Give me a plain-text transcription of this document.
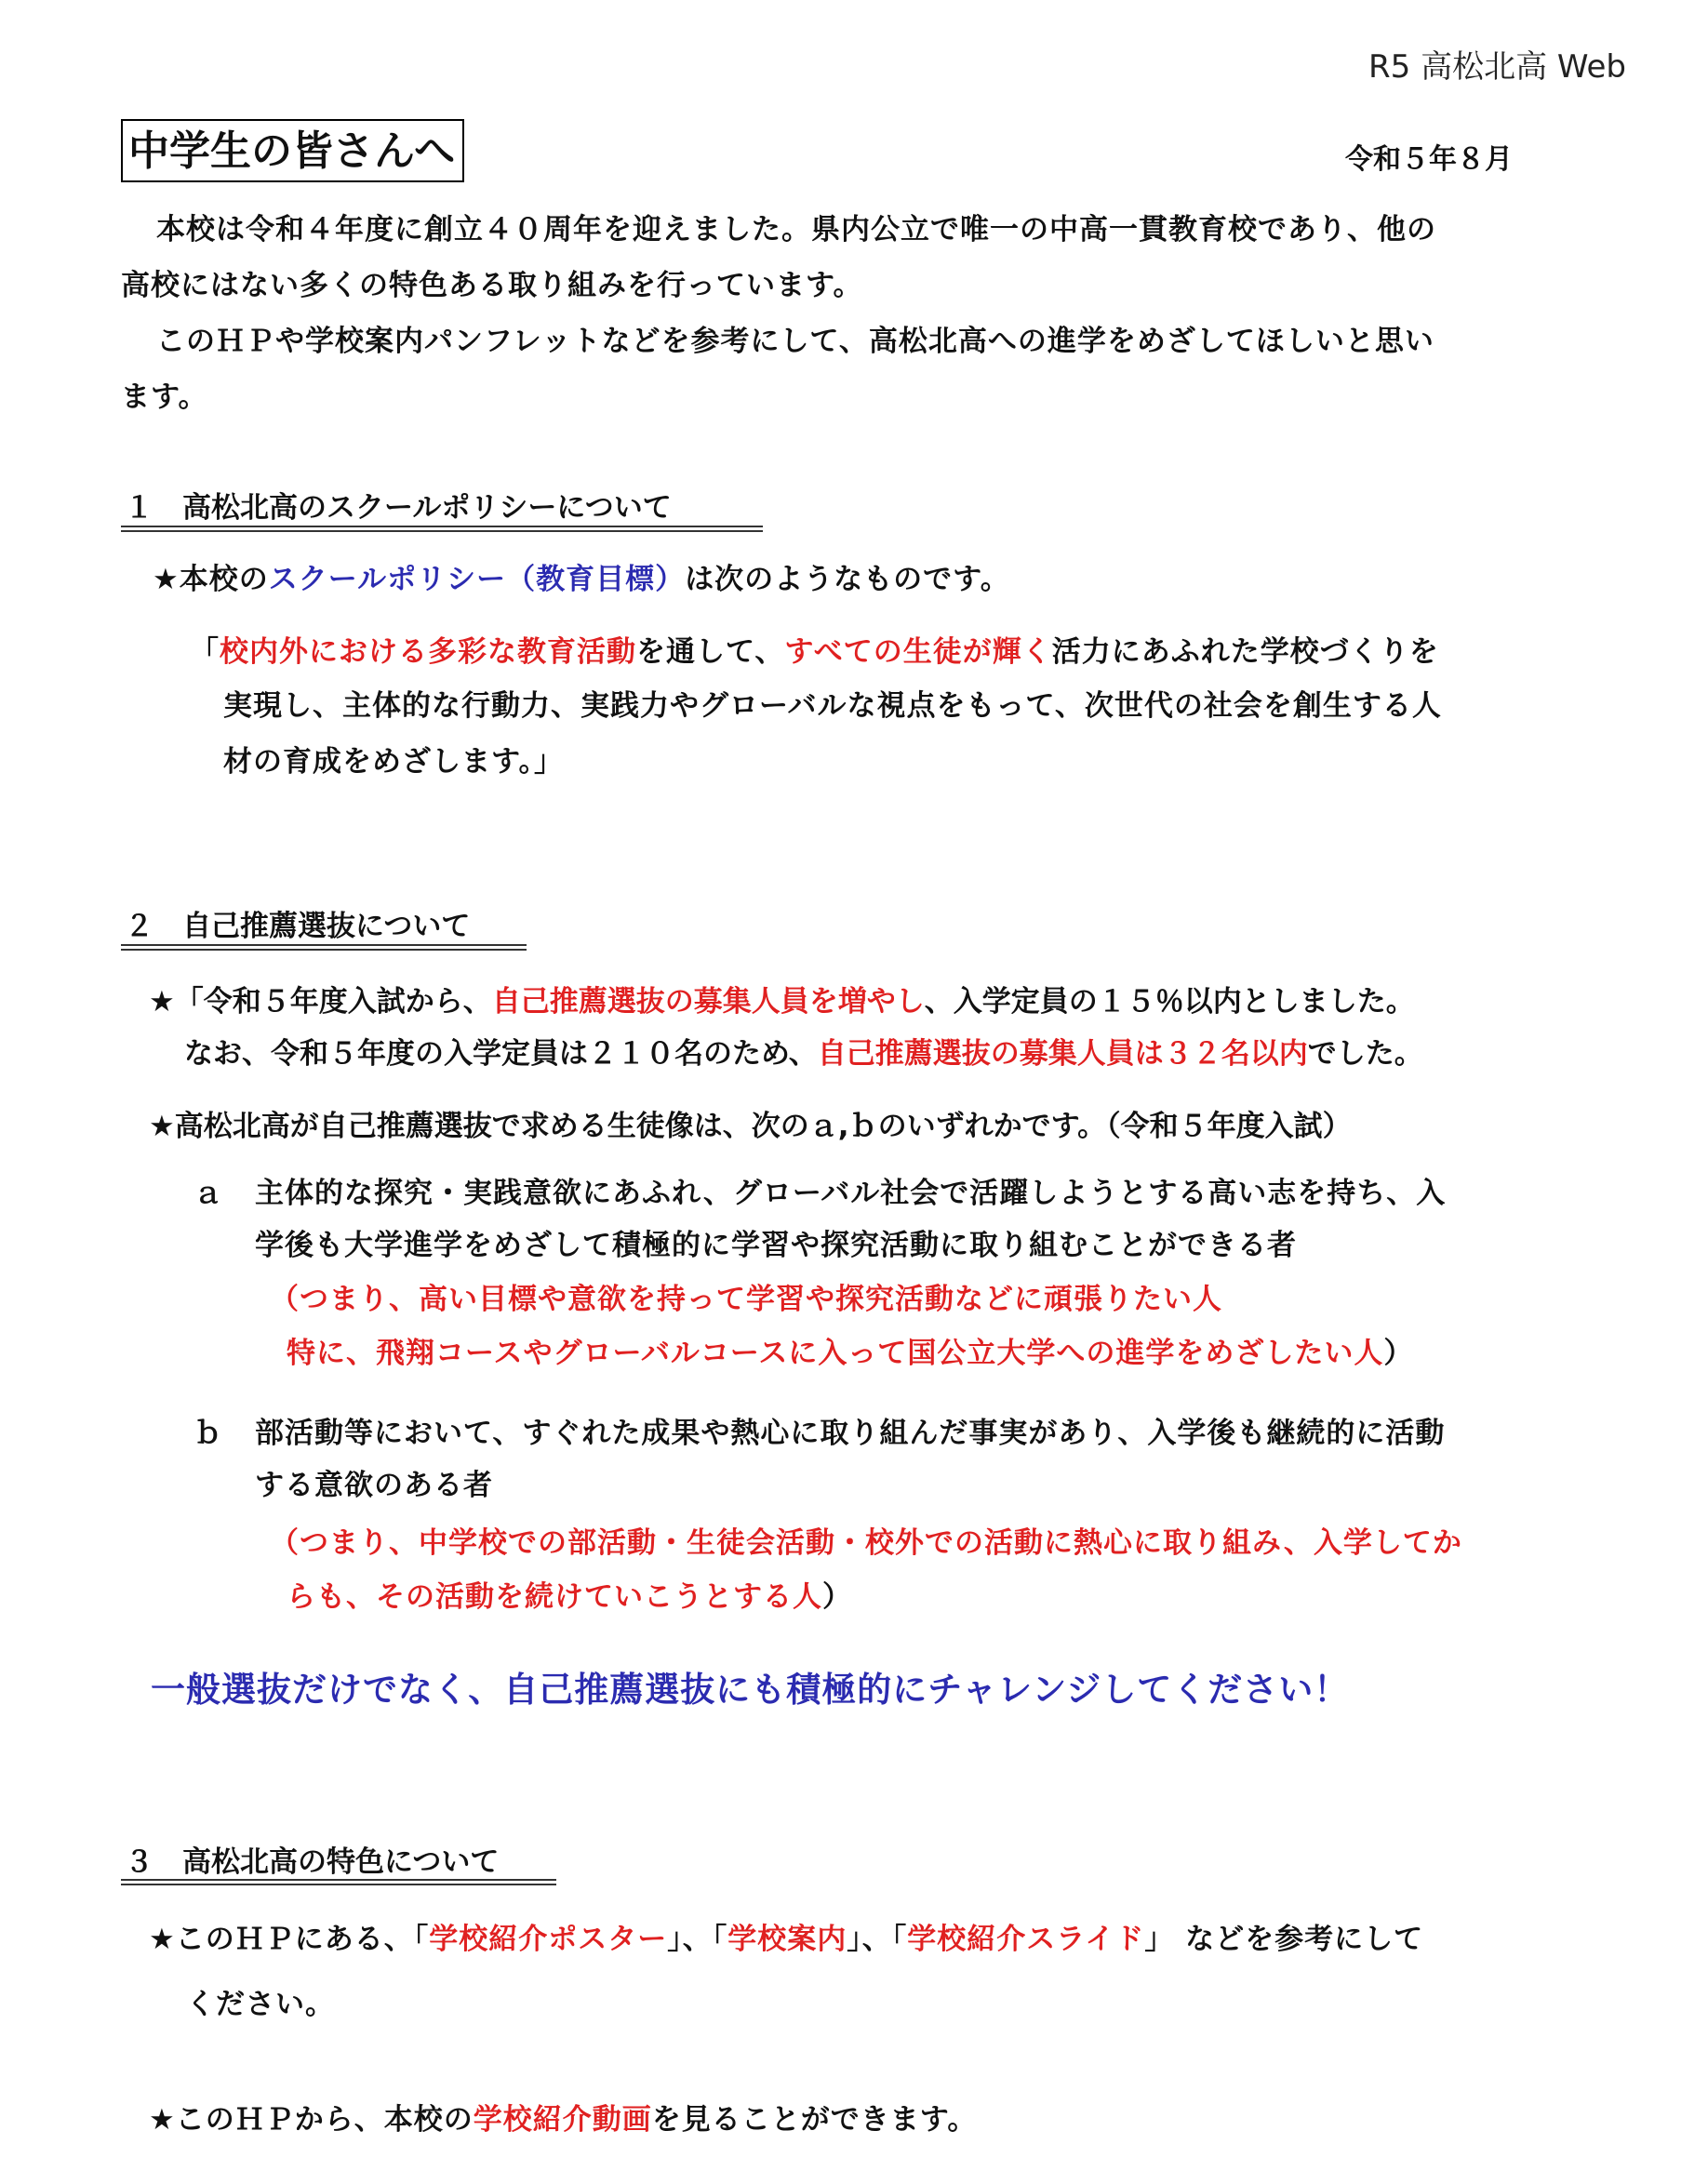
R5 高松北高 Web
中学生の皆さんへ	令和５年８月
本校は令和４年度に創立４０周年を迎えました。県内公立で唯一の中高一貫教育校であり、他の
高校にはない多くの特色ある取り組みを行っています。
このＨＰや学校案内パンフレットなどを参考にして、高松北高への進学をめざしてほしいと思い
ます。
１　高松北高のスクールポリシーについて
★本校のスクールポリシー（教育目標）は次のようなものです。
「校内外における多彩な教育活動を通して、すべての生徒が輝く活力にあふれた学校づくりを
実現し、主体的な行動力、実践力やグローバルな視点をもって、次世代の社会を創生する人
材の育成をめざします。」
２　自己推薦選抜について
★「令和５年度入試から、自己推薦選抜の募集人員を増やし、入学定員の１５％以内としました。
なお、令和５年度の入学定員は２１０名のため、自己推薦選抜の募集人員は３２名以内でした。
★高松北高が自己推薦選抜で求める生徒像は、次のａ,ｂのいずれかです。（令和５年度入試）
ａ 主体的な探究・実践意欲にあふれ、グローバル社会で活躍しようとする高い志を持ち、入
学後も大学進学をめざして積極的に学習や探究活動に取り組むことができる者
（つまり、高い目標や意欲を持って学習や探究活動などに頑張りたい人
特に、飛翔コースやグローバルコースに入って国公立大学への進学をめざしたい人）
ｂ 部活動等において、すぐれた成果や熱心に取り組んだ事実があり、入学後も継続的に活動
する意欲のある者
（つまり、中学校での部活動・生徒会活動・校外での活動に熱心に取り組み、入学してか
らも、その活動を続けていこうとする人）
一般選抜だけでなく、自己推薦選抜にも積極的にチャレンジしてください！
３　高松北高の特色について
★このＨＰにある、「学校紹介ポスター」、「学校案内」、「学校紹介スライド」 などを参考にして
ください。
★このＨＰから、本校の学校紹介動画を見ることができます。
